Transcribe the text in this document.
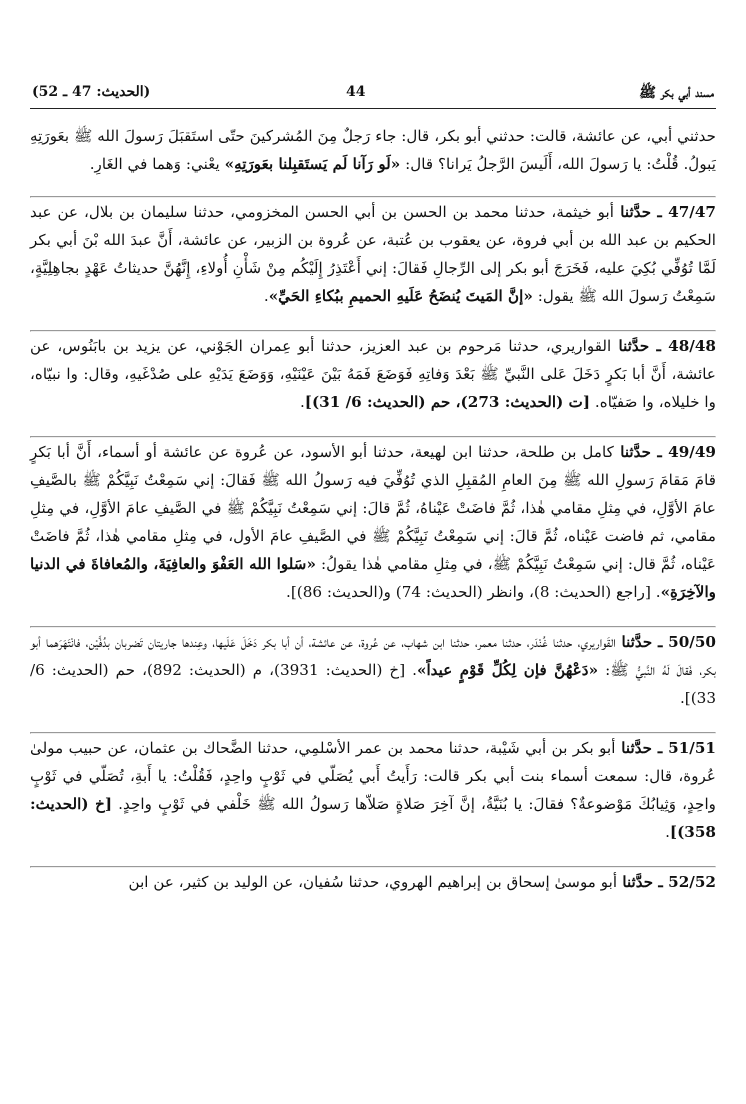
مسند أبي بكر ﷺ
44
(الحديث: 47 ـ 52)

حدثني أبي، عن عائشة، قالت: حدثني أبو بكر، قال: جاء رَجلٌ مِنَ المُشركينَ حتّى استَقبَلَ رَسولَ الله ﷺ بعَورَتِهِ يَبولُ. قُلْتُ: يا رَسولَ الله، أَلَيسَ الرَّجلُ يَرانا؟ قال: «لَو رَآنا لَم يَستَقبِلنا بعَورَتِهِ» يعْني: وَهما في الغَارِ.

47/47 ـ حدَّثنا أبو خيثمة، حدثنا محمد بن الحسن بن أبي الحسن المخزومي، حدثنا سليمان بن بلال، عن عبد الحكيم بن عبد الله بن أبي فروة، عن يعقوب بن عُتبة، عن عُروة بن الزبير، عن عائشة، أَنَّ عبدَ الله بْنَ أبي بكر لَمَّا تُوُفِّي بُكِيَ عليه، فَخَرَجَ أبو بكر إلى الرِّجالِ فَقالَ: إني أَعْتَذِرُ إِلَيْكُم مِنْ شَأْنِ أُولاءِ، إِنَّهُنَّ حديثاتُ عَهْدٍ بجاهِلِيَّةٍ، سَمِعْتُ رَسولَ الله ﷺ يقول: «إنَّ المَيتَ يُنضَحُ عَلَيهِ الحميمِ ببُكاءِ الحَيِّ».

48/48 ـ حدَّثنا القواريري، حدثنا مَرحوم بن عبد العزيز، حدثنا أبو عِمران الجَوْني، عن يزيد بن بابَنُوس، عن عائشة، أَنَّ أبا بَكرٍ دَخَلَ عَلى النَّبيِّ ﷺ بَعْدَ وَفاتِهِ فَوَضَعَ فَمَهُ بَيْنَ عَيْنَيْهِ، وَوَضَعَ يَدَيْهِ على صُدْغَيهِ، وقال: وا نبيّاه، وا خليلاه، وا صَفيّاه. [ت (الحديث: 273)، حم (الحديث: 6/ 31)].

49/49 ـ حدَّثنا كامل بن طلحة، حدثنا ابن لهيعة، حدثنا أبو الأسود، عن عُروة عن عائشة أو أسماء، أَنَّ أبا بَكرٍ قامَ مَقامَ رَسولِ الله ﷺ مِنَ العامِ المُقبِلِ الذي تُوُفِّيَ فيه رَسولُ الله ﷺ فَقالَ: إني سَمِعْتُ نَبِيَّكُمْ ﷺ بالصَّيفِ عامَ الأوَّلِ، في مِثلِ مقامي هٰذا، ثُمَّ فاضَتْ عَيْناهُ، ثُمَّ قالَ: إني سَمِعْتُ نَبِيَّكُمْ ﷺ في الصَّيفِ عامَ الأوَّلِ، في مِثلِ مقامي، ثم فاضت عَيْناه، ثُمَّ قالَ: إني سَمِعْتُ نَبِيَّكُمْ ﷺ في الصَّيفِ عامَ الأول، في مِثلِ مقامي هٰذا، ثُمَّ فاضَتْ عَيْناه، ثُمَّ قال: إني سَمِعْتُ نَبِيَّكُمْ ﷺ، في مِثلِ مقامي هٰذا يقولُ: «سَلوا الله العَفْوَ والعافِيَةَ، والمُعافاةَ في الدنيا والآخِرَةِ». [راجع (الحديث: 8)، وانظر (الحديث: 74) و(الحديث: 86)].

50/50 ـ حدَّثنا القَواريري، حدثنا غُنْدَر، حدثنا معمر، حدثنا ابن شهاب، عن عُروة، عن عائشة، أن أبا بكر دَخَلَ عَلَيها، وعِندها جاريتان تَضربان بدُفَّيْن، فانْتَهَرَهما أبو بكر، فَقالَ لَهُ النَّبيُّ ﷺ: «دَعْهُنَّ فإن لِكُلِّ قَوْمٍ عيداً». [خ (الحديث: 3931)، م (الحديث: 892)، حم (الحديث: 6/ 33)].

51/51 ـ حدَّثنا أبو بكر بن أبي شَيْبة، حدثنا محمد بن عمر الأسْلمِي، حدثنا الضَّحاك بن عثمان، عن حبيب مولىٰ عُروة، قال: سمعت أسماء بنت أبي بكر قالت: رَأَيتُ أَبي يُصَلّي في ثَوْبٍ واحِدٍ، فَقُلْتُ: يا أَبةِ، تُصَلّي في ثَوْبٍ واحِدٍ، وَثِيابُكَ مَوْضوعةٌ؟ فقالَ: يا بُنَيَّةُ، إنَّ آخِرَ صَلاةٍ صَلاّها رَسولُ الله ﷺ خَلْفي في ثَوْبٍ واحِدٍ. [خ (الحديث: 358)].

52/52 ـ حدَّثنا أبو موسىٰ إسحاق بن إبراهيم الهروي، حدثنا سُفيان، عن الوليد بن كثير، عن ابن
